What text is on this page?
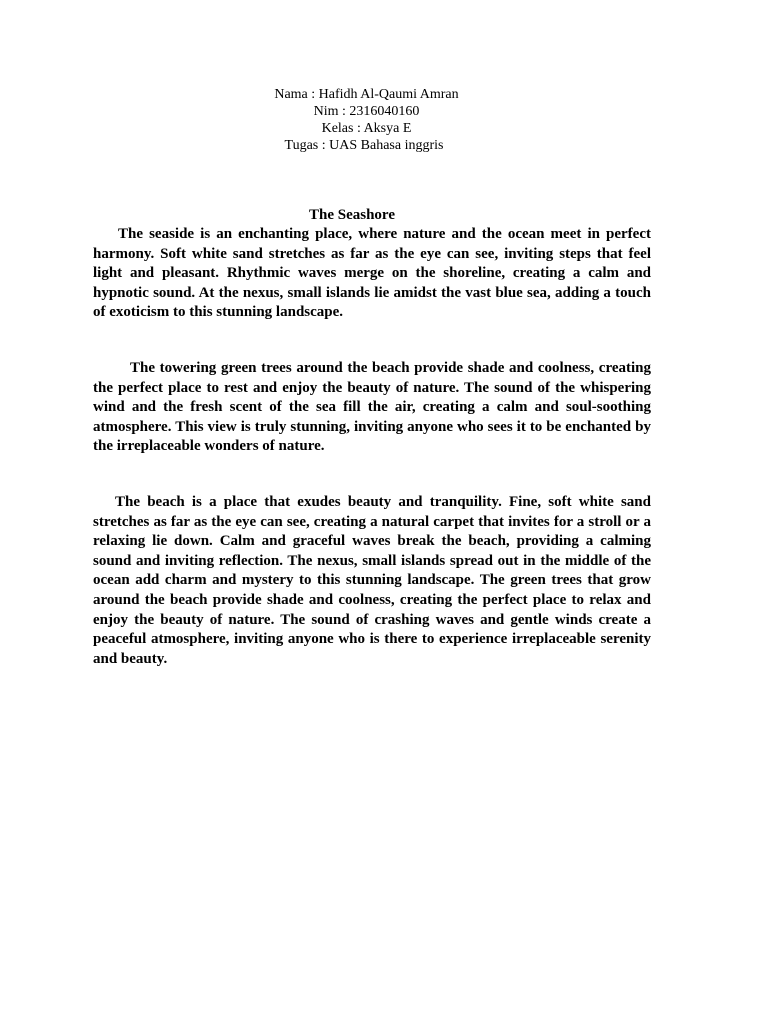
Nama : Hafidh Al-Qaumi Amran
Nim : 2316040160
Kelas : Aksya E
Tugas : UAS Bahasa inggris
The Seashore

The seaside is an enchanting place, where nature and the ocean meet in perfect harmony. Soft white sand stretches as far as the eye can see, inviting steps that feel light and pleasant. Rhythmic waves merge on the shoreline, creating a calm and hypnotic sound. At the nexus, small islands lie amidst the vast blue sea, adding a touch of exoticism to this stunning landscape.

The towering green trees around the beach provide shade and coolness, creating the perfect place to rest and enjoy the beauty of nature. The sound of the whispering wind and the fresh scent of the sea fill the air, creating a calm and soul-soothing atmosphere. This view is truly stunning, inviting anyone who sees it to be enchanted by the irreplaceable wonders of nature.

The beach is a place that exudes beauty and tranquility. Fine, soft white sand stretches as far as the eye can see, creating a natural carpet that invites for a stroll or a relaxing lie down. Calm and graceful waves break the beach, providing a calming sound and inviting reflection. The nexus, small islands spread out in the middle of the ocean add charm and mystery to this stunning landscape. The green trees that grow around the beach provide shade and coolness, creating the perfect place to relax and enjoy the beauty of nature. The sound of crashing waves and gentle winds create a peaceful atmosphere, inviting anyone who is there to experience irreplaceable serenity and beauty.
